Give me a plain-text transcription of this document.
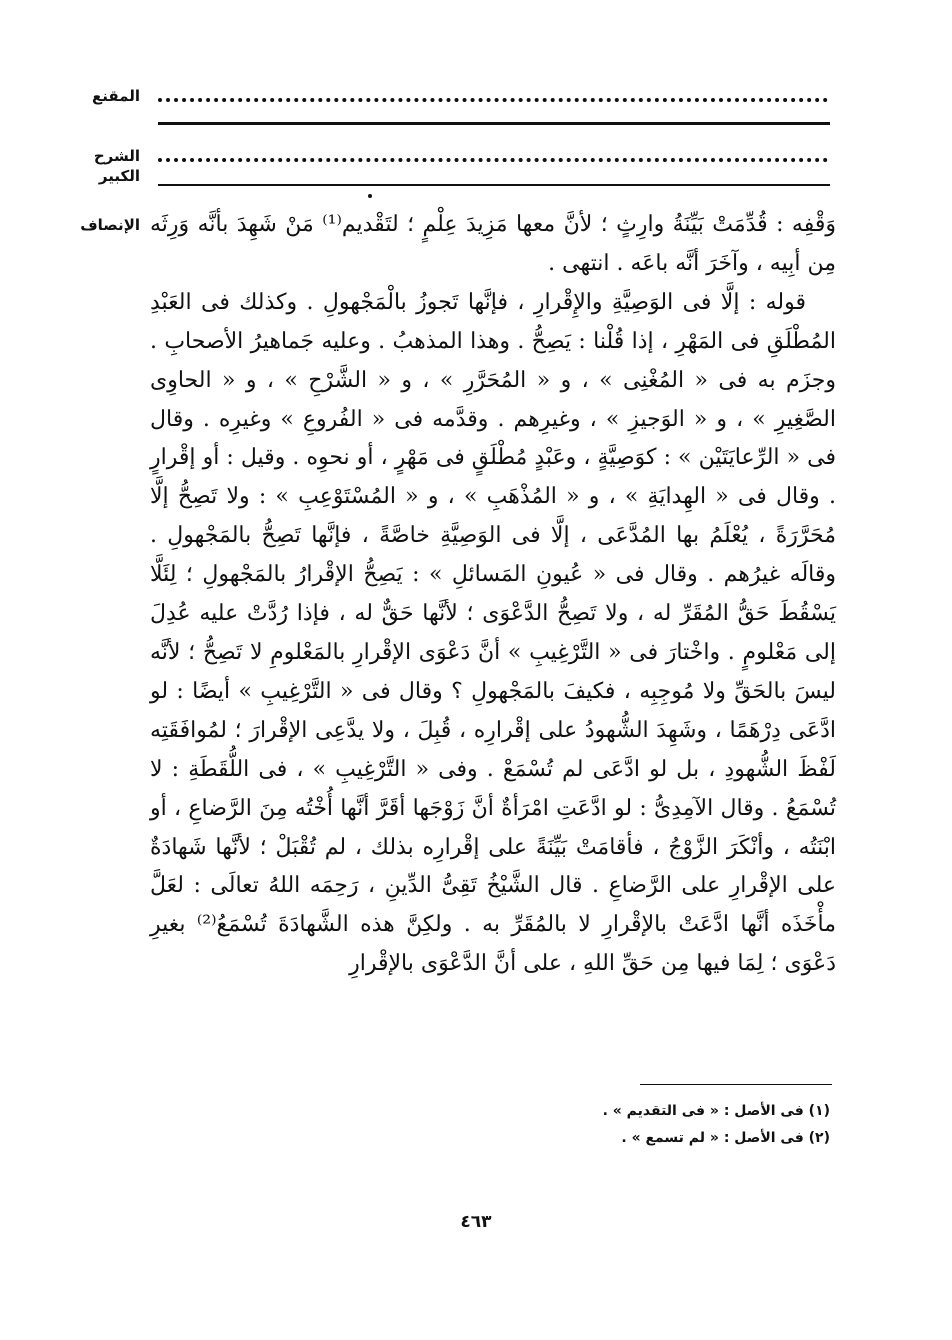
المقنع
الشرح الكبير
الإنصاف وَقْفِه : قُدِّمَتْ بَيِّنَةُ وارِثٍ ؛ لأنَّ معها مَزِيدَ عِلْمٍ ؛ لتَقْديم⁽¹⁾ مَنْ شَهِدَ بأنَّه وَرِثَه مِن أبِيه ، وآخَرَ أنَّه باعَه . انتهى .

قوله : إلَّا فى الوَصِيَّةِ والإِقْرارِ ، فإنَّها تَجوزُ بالْمَجْهولِ . وكذلك فى العَبْدِ المُطْلَقِ فى المَهْرِ ، إذا قُلْنا : يَصِحُّ . وهذا المذهبُ . وعليه جَماهيرُ الأصحابِ . وجزَم به فى « المُغْنِى » ، و « المُحَرَّرِ » ، و « الشَّرْحِ » ، و « الحاوِى الصَّغِيرِ » ، و « الوَجيزِ » ، وغيرِهم . وقدَّمه فى « الفُروعِ » وغيرِه . وقال فى « الرِّعايَتَيْن » : كوَصِيَّةٍ ، وعَبْدٍ مُطْلَقٍ فى مَهْرٍ ، أو نحوِه . وقيل : أو إقْرارٍ . وقال فى « الهِدايَةِ » ، و « المُذْهَبِ » ، و « المُسْتَوْعِبِ » : ولا تَصِحُّ إلَّا مُحَرَّرَةً ، يُعْلَمُ بها المُدَّعَى ، إلَّا فى الوَصِيَّةِ خاصَّةً ، فإنَّها تَصِحُّ بالمَجْهولِ . وقالَه غيرُهم . وقال فى « عُيونِ المَسائلِ » : يَصِحُّ الإقْرارُ بالمَجْهولِ ؛ لِئَلَّا يَسْقُطَ حَقُّ المُقَرِّ له ، ولا تَصِحُّ الدَّعْوَى ؛ لأنَّها حَقٌّ له ، فإذا رُدَّتْ عليه عُدِلَ إلى مَعْلومٍ . واخْتارَ فى « التَّرْغِيبِ » أنَّ دَعْوَى الإقْرارِ بالمَعْلومِ لا تَصِحُّ ؛ لأنَّه ليسَ بالحَقِّ ولا مُوجِبِه ، فكيفَ بالمَجْهولِ ؟ وقال فى « التَّرْغِيبِ » أيضًا : لو ادَّعَى دِرْهَمًا ، وشَهِدَ الشُّهودُ على إقْرارِه ، قُبِلَ ، ولا يدَّعِى الإقْرارَ ؛ لمُوافَقَتِه لَفْظَ الشُّهودِ ، بل لو ادَّعَى لم تُسْمَعْ . وفى « التَّرْغِيبِ » ، فى اللُّقَطَةِ : لا تُسْمَعُ . وقال الآمِدِىُّ : لو ادَّعَتِ امْرَأةٌ أنَّ زَوْجَها أقَرَّ أنَّها أُخْتُه مِنَ الرَّضاعِ ، أو ابْنَتُه ، وأنْكَرَ الزَّوْجُ ، فأقامَتْ بَيِّنَةً على إقْرارِه بذلك ، لم تُقْبَلْ ؛ لأنَّها شَهادَةٌ على الإقْرارِ على الرَّضاعِ . قال الشَّيْخُ تَقِىُّ الدِّينِ ، رَحِمَه اللهُ تعالَى : لعَلَّ مأْخَذَه أنَّها ادَّعَتْ بالإقْرارِ لا بالمُقَرِّ به . ولكِنَّ هذه الشَّهادَةَ تُسْمَعُ⁽²⁾ بغيرِ دَعْوَى ؛ لِمَا فيها مِن حَقِّ اللهِ ، على أنَّ الدَّعْوَى بالإقْرارِ

(١) فى الأصل : « فى التقديم » .
(٢) فى الأصل : « لم تسمع » .
٤٦٣
